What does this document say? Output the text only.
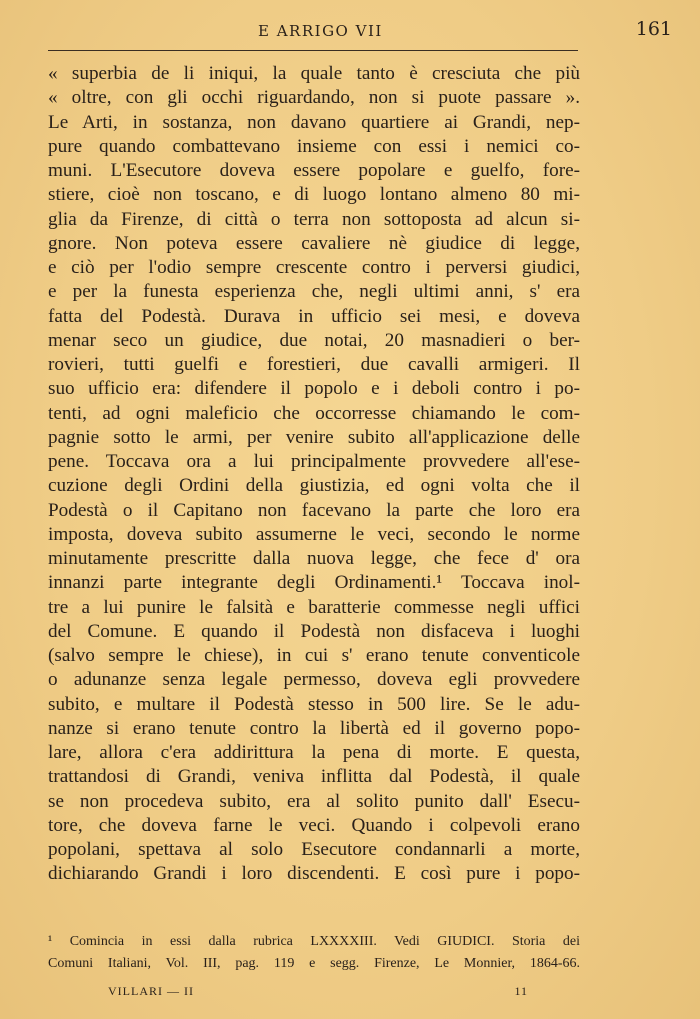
E ARRIGO VII	161
« superbia de li iniqui, la quale tanto è cresciuta che più
« oltre, con gli occhi riguardando, non si puote passare ».
Le Arti, in sostanza, non davano quartiere ai Grandi, nep-
pure quando combattevano insieme con essi i nemici co-
muni. L'Esecutore doveva essere popolare e guelfo, fore-
stiere, cioè non toscano, e di luogo lontano almeno 80 mi-
glia da Firenze, di città o terra non sottoposta ad alcun si-
gnore. Non poteva essere cavaliere nè giudice di legge,
e ciò per l'odio sempre crescente contro i perversi giudici,
e per la funesta esperienza che, negli ultimi anni, s' era
fatta del Podestà. Durava in ufficio sei mesi, e doveva
menar seco un giudice, due notai, 20 masnadieri o ber-
rovieri, tutti guelfi e forestieri, due cavalli armigeri. Il
suo ufficio era: difendere il popolo e i deboli contro i po-
tenti, ad ogni maleficio che occorresse chiamando le com-
pagnie sotto le armi, per venire subito all'applicazione delle
pene. Toccava ora a lui principalmente provvedere all'ese-
cuzione degli Ordini della giustizia, ed ogni volta che il
Podestà o il Capitano non facevano la parte che loro era
imposta, doveva subito assumerne le veci, secondo le norme
minutamente prescritte dalla nuova legge, che fece d' ora
innanzi parte integrante degli Ordinamenti.¹ Toccava inol-
tre a lui punire le falsità e baratterie commesse negli uffici
del Comune. E quando il Podestà non disfaceva i luoghi
(salvo sempre le chiese), in cui s' erano tenute conventicole
o adunanze senza legale permesso, doveva egli provvedere
subito, e multare il Podestà stesso in 500 lire. Se le adu-
nanze si erano tenute contro la libertà ed il governo popo-
lare, allora c'era addirittura la pena di morte. E questa,
trattandosi di Grandi, veniva inflitta dal Podestà, il quale
se non procedeva subito, era al solito punito dall' Esecu-
tore, che doveva farne le veci. Quando i colpevoli erano
popolani, spettava al solo Esecutore condannarli a morte,
dichiarando Grandi i loro discendenti. E così pure i popo-
¹ Comincia in essi dalla rubrica LXXXXIII. Vedi GIUDICI. Storia dei
Comuni Italiani, Vol. III, pag. 119 e segg. Firenze, Le Monnier, 1864-66.
VILLARI — II	11
